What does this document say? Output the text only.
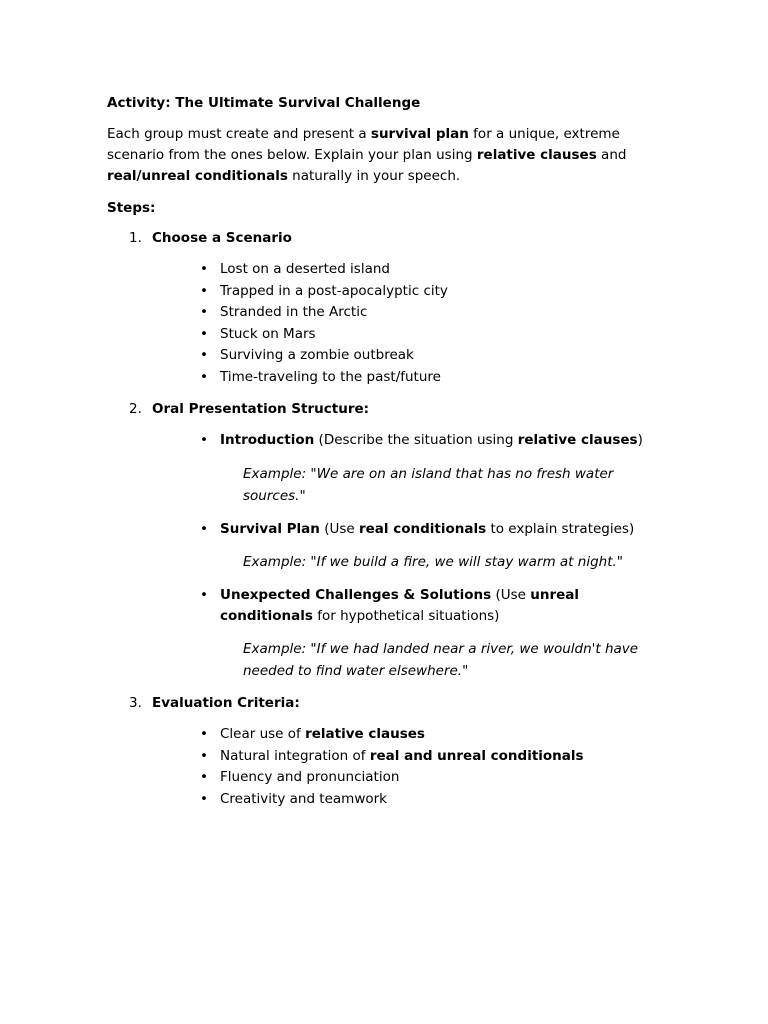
Activity: The Ultimate Survival Challenge
Each group must create and present a survival plan for a unique, extreme scenario from the ones below. Explain your plan using relative clauses and real/unreal conditionals naturally in your speech.
Steps:
1. Choose a Scenario
•
Lost on a deserted island
•
Trapped in a post-apocalyptic city
•
Stranded in the Arctic
•
Stuck on Mars
•
Surviving a zombie outbreak
•
Time-traveling to the past/future
2. Oral Presentation Structure:
•
Introduction (Describe the situation using relative clauses)
Example: "We are on an island that has no fresh water sources."
•
Survival Plan (Use real conditionals to explain strategies)
Example: "If we build a fire, we will stay warm at night."
•
Unexpected Challenges & Solutions (Use unreal conditionals for hypothetical situations)
Example: "If we had landed near a river, we wouldn't have needed to find water elsewhere."
3. Evaluation Criteria:
•
Clear use of relative clauses
•
Natural integration of real and unreal conditionals
•
Fluency and pronunciation
•
Creativity and teamwork
